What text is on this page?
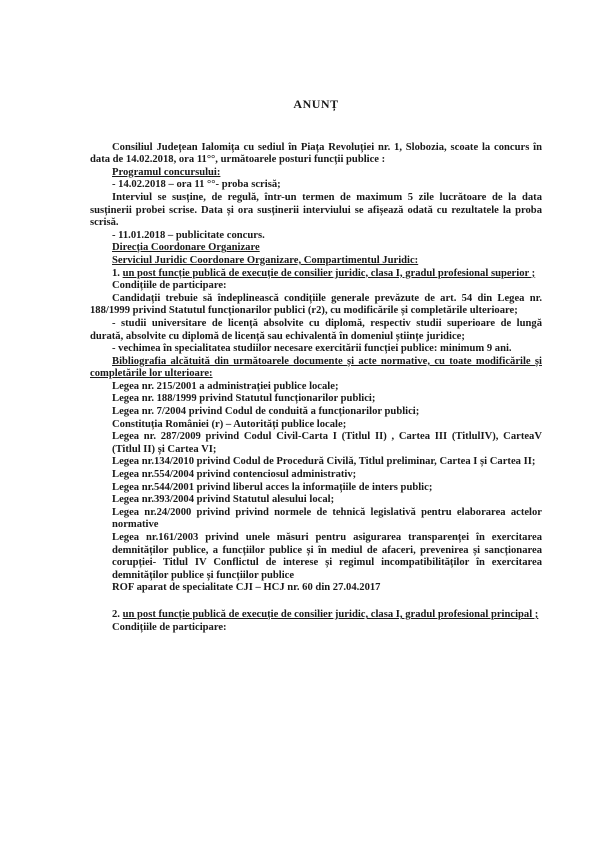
ANUNȚ

Consiliul Județean Ialomița cu sediul în Piața Revoluției nr. 1, Slobozia, scoate la concurs în data de 14.02.2018, ora 11°°, următoarele posturi funcții publice :

Programul concursului:

- 14.02.2018 – ora 11 °°- proba scrisă;

Interviul se susține, de regulă, într-un termen de maximum 5 zile lucrătoare de la data susținerii probei scrise. Data și ora susținerii interviului se afișează odată cu rezultatele la proba scrisă.

- 11.01.2018 – publicitate concurs.

Direcția Coordonare Organizare

Serviciul Juridic Coordonare Organizare, Compartimentul Juridic:

1. un post funcție publică de execuție de consilier juridic, clasa I, gradul profesional superior ;

Condițiile de participare:

Candidații trebuie să îndeplinească condițiile generale prevăzute de art. 54 din Legea nr. 188/1999 privind Statutul funcționarilor publici (r2), cu modificările și completările ulterioare;

- studii universitare de licență absolvite cu diplomă, respectiv studii superioare de lungă durată, absolvite cu diplomă de licență sau echivalentă în domeniul științe juridice;

- vechimea în specialitatea studiilor necesare exercitării funcției publice: minimum 9 ani.

Bibliografia alcătuită din următoarele documente și acte normative, cu toate modificările și completările lor ulterioare:

Legea nr. 215/2001 a administrației publice locale;

Legea nr. 188/1999 privind Statutul funcționarilor publici;

Legea nr. 7/2004 privind Codul de conduită a funcționarilor publici;

Constituția României (r) – Autorități publice locale;

Legea nr. 287/2009 privind Codul Civil-Carta I (Titlul II) , Cartea III (TitlulIV), CarteaV (Titlul II) și Cartea VI;

Legea nr.134/2010 privind Codul de Procedură Civilă, Titlul preliminar, Cartea I și Cartea II;

Legea nr.554/2004 privind contenciosul administrativ;

Legea nr.544/2001 privind liberul acces la informațiile de inters public;

Legea nr.393/2004 privind Statutul alesului local;

Legea nr.24/2000 privind privind normele de tehnică legislativă pentru elaborarea actelor normative

Legea nr.161/2003 privind unele măsuri pentru asigurarea transparenței în exercitarea demnităților publice, a funcțiilor publice și în mediul de afaceri, prevenirea și sancționarea corupției- Titlul IV Conflictul de interese și regimul incompatibilităților în exercitarea demnităților publice și funcțiilor publice

ROF aparat de specialitate CJI – HCJ nr. 60 din 27.04.2017

2. un post funcție publică de execuție de consilier juridic, clasa I, gradul profesional principal ;

Condițiile de participare:
